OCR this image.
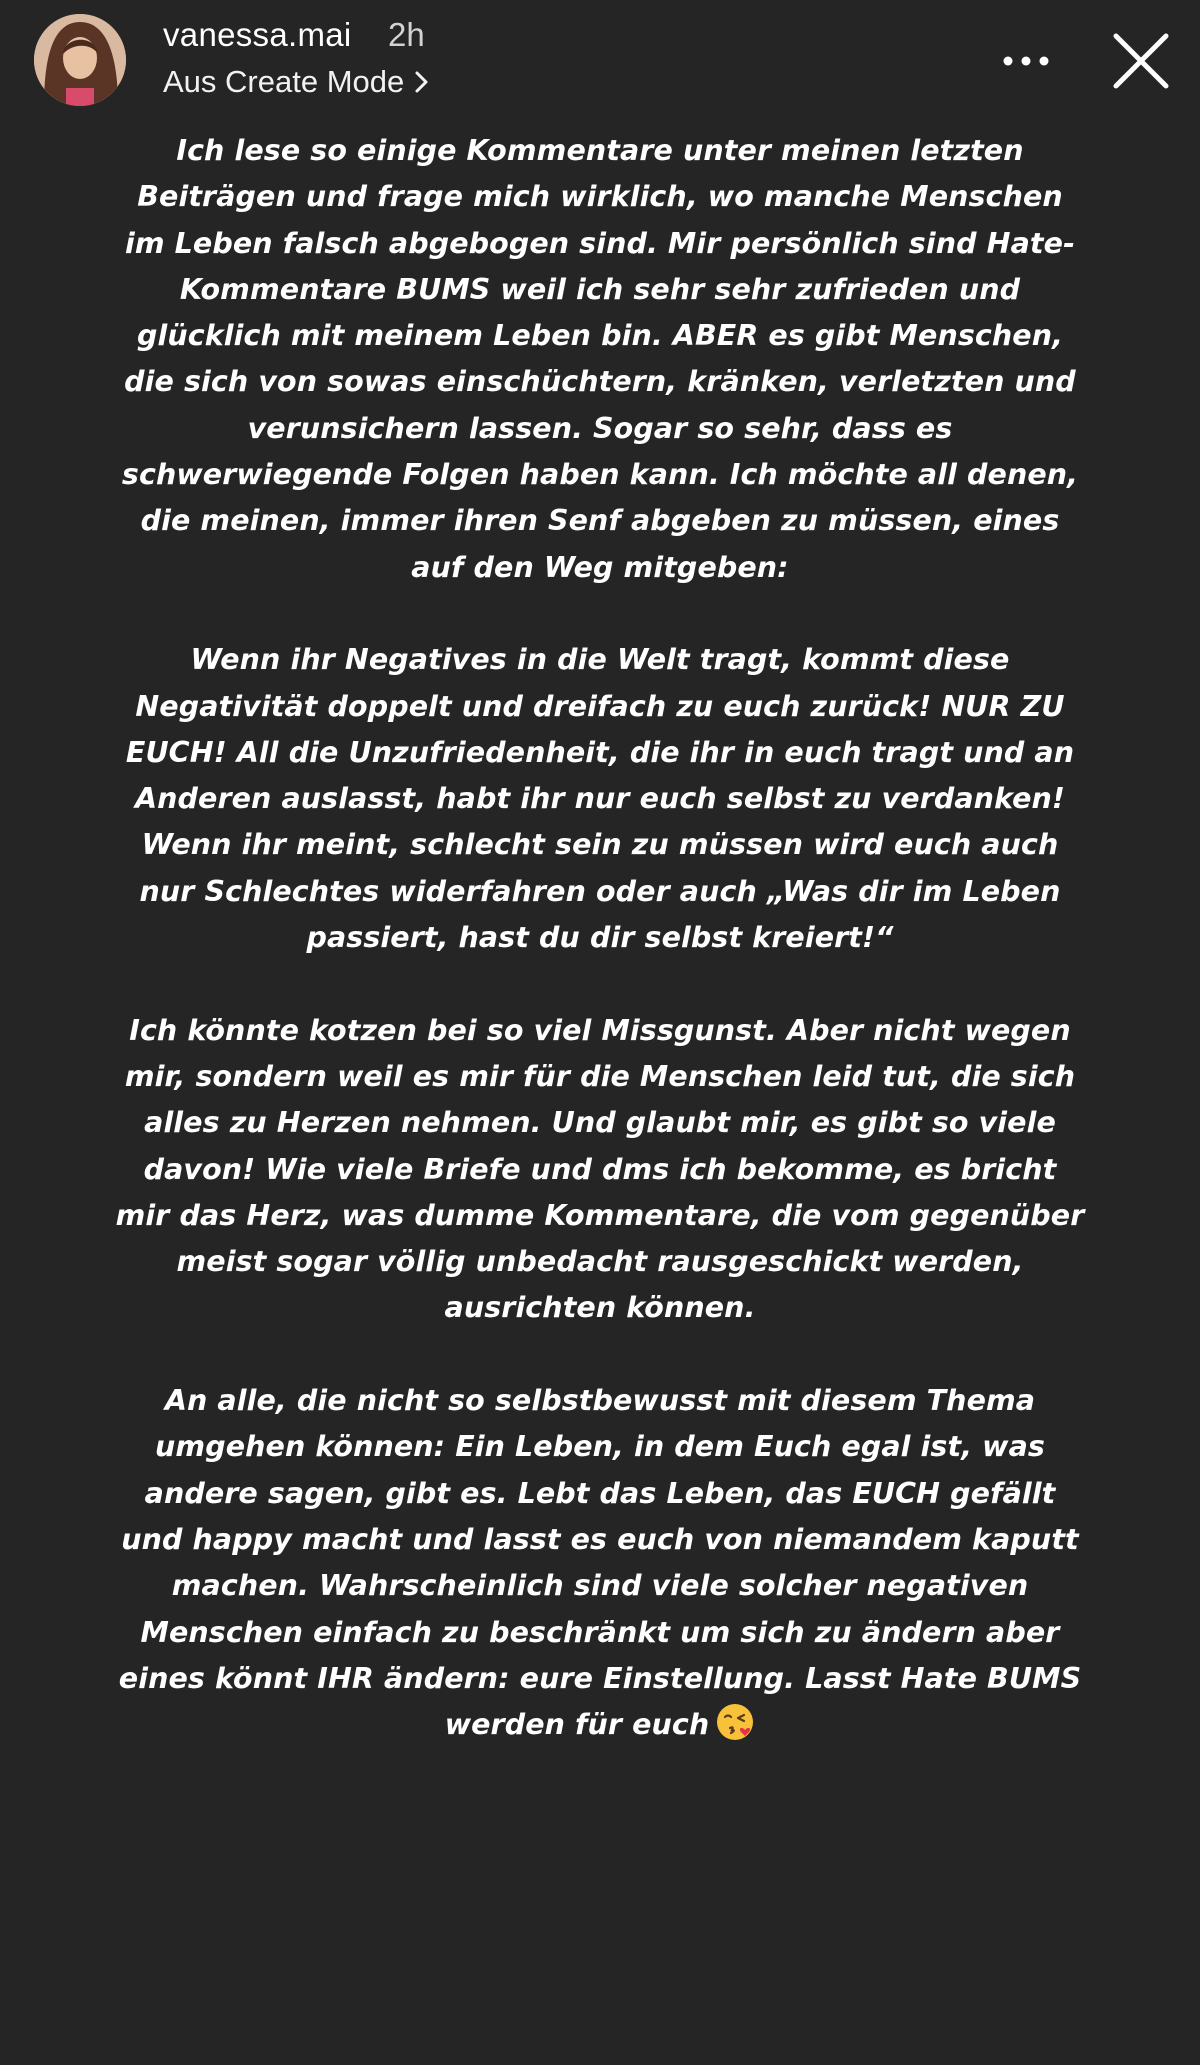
vanessa.mai 2h
Aus Create Mode

Ich lese so einige Kommentare unter meinen letzten Beiträgen und frage mich wirklich, wo manche Menschen im Leben falsch abgebogen sind. Mir persönlich sind Hate-Kommentare BUMS weil ich sehr sehr zufrieden und glücklich mit meinem Leben bin. ABER es gibt Menschen, die sich von sowas einschüchtern, kränken, verletzten und verunsichern lassen. Sogar so sehr, dass es schwerwiegende Folgen haben kann. Ich möchte all denen, die meinen, immer ihren Senf abgeben zu müssen, eines auf den Weg mitgeben:

Wenn ihr Negatives in die Welt tragt, kommt diese Negativität doppelt und dreifach zu euch zurück! NUR ZU EUCH! All die Unzufriedenheit, die ihr in euch tragt und an Anderen auslasst, habt ihr nur euch selbst zu verdanken! Wenn ihr meint, schlecht sein zu müssen wird euch auch nur Schlechtes widerfahren oder auch „Was dir im Leben passiert, hast du dir selbst kreiert!“

Ich könnte kotzen bei so viel Missgunst. Aber nicht wegen mir, sondern weil es mir für die Menschen leid tut, die sich alles zu Herzen nehmen. Und glaubt mir, es gibt so viele davon! Wie viele Briefe und dms ich bekomme, es bricht mir das Herz, was dumme Kommentare, die vom gegenüber meist sogar völlig unbedacht rausgeschickt werden, ausrichten können.

An alle, die nicht so selbstbewusst mit diesem Thema umgehen können: Ein Leben, in dem Euch egal ist, was andere sagen, gibt es. Lebt das Leben, das EUCH gefällt und happy macht und lasst es euch von niemandem kaputt machen. Wahrscheinlich sind viele solcher negativen Menschen einfach zu beschränkt um sich zu ändern aber eines könnt IHR ändern: eure Einstellung. Lasst Hate BUMS werden für euch
